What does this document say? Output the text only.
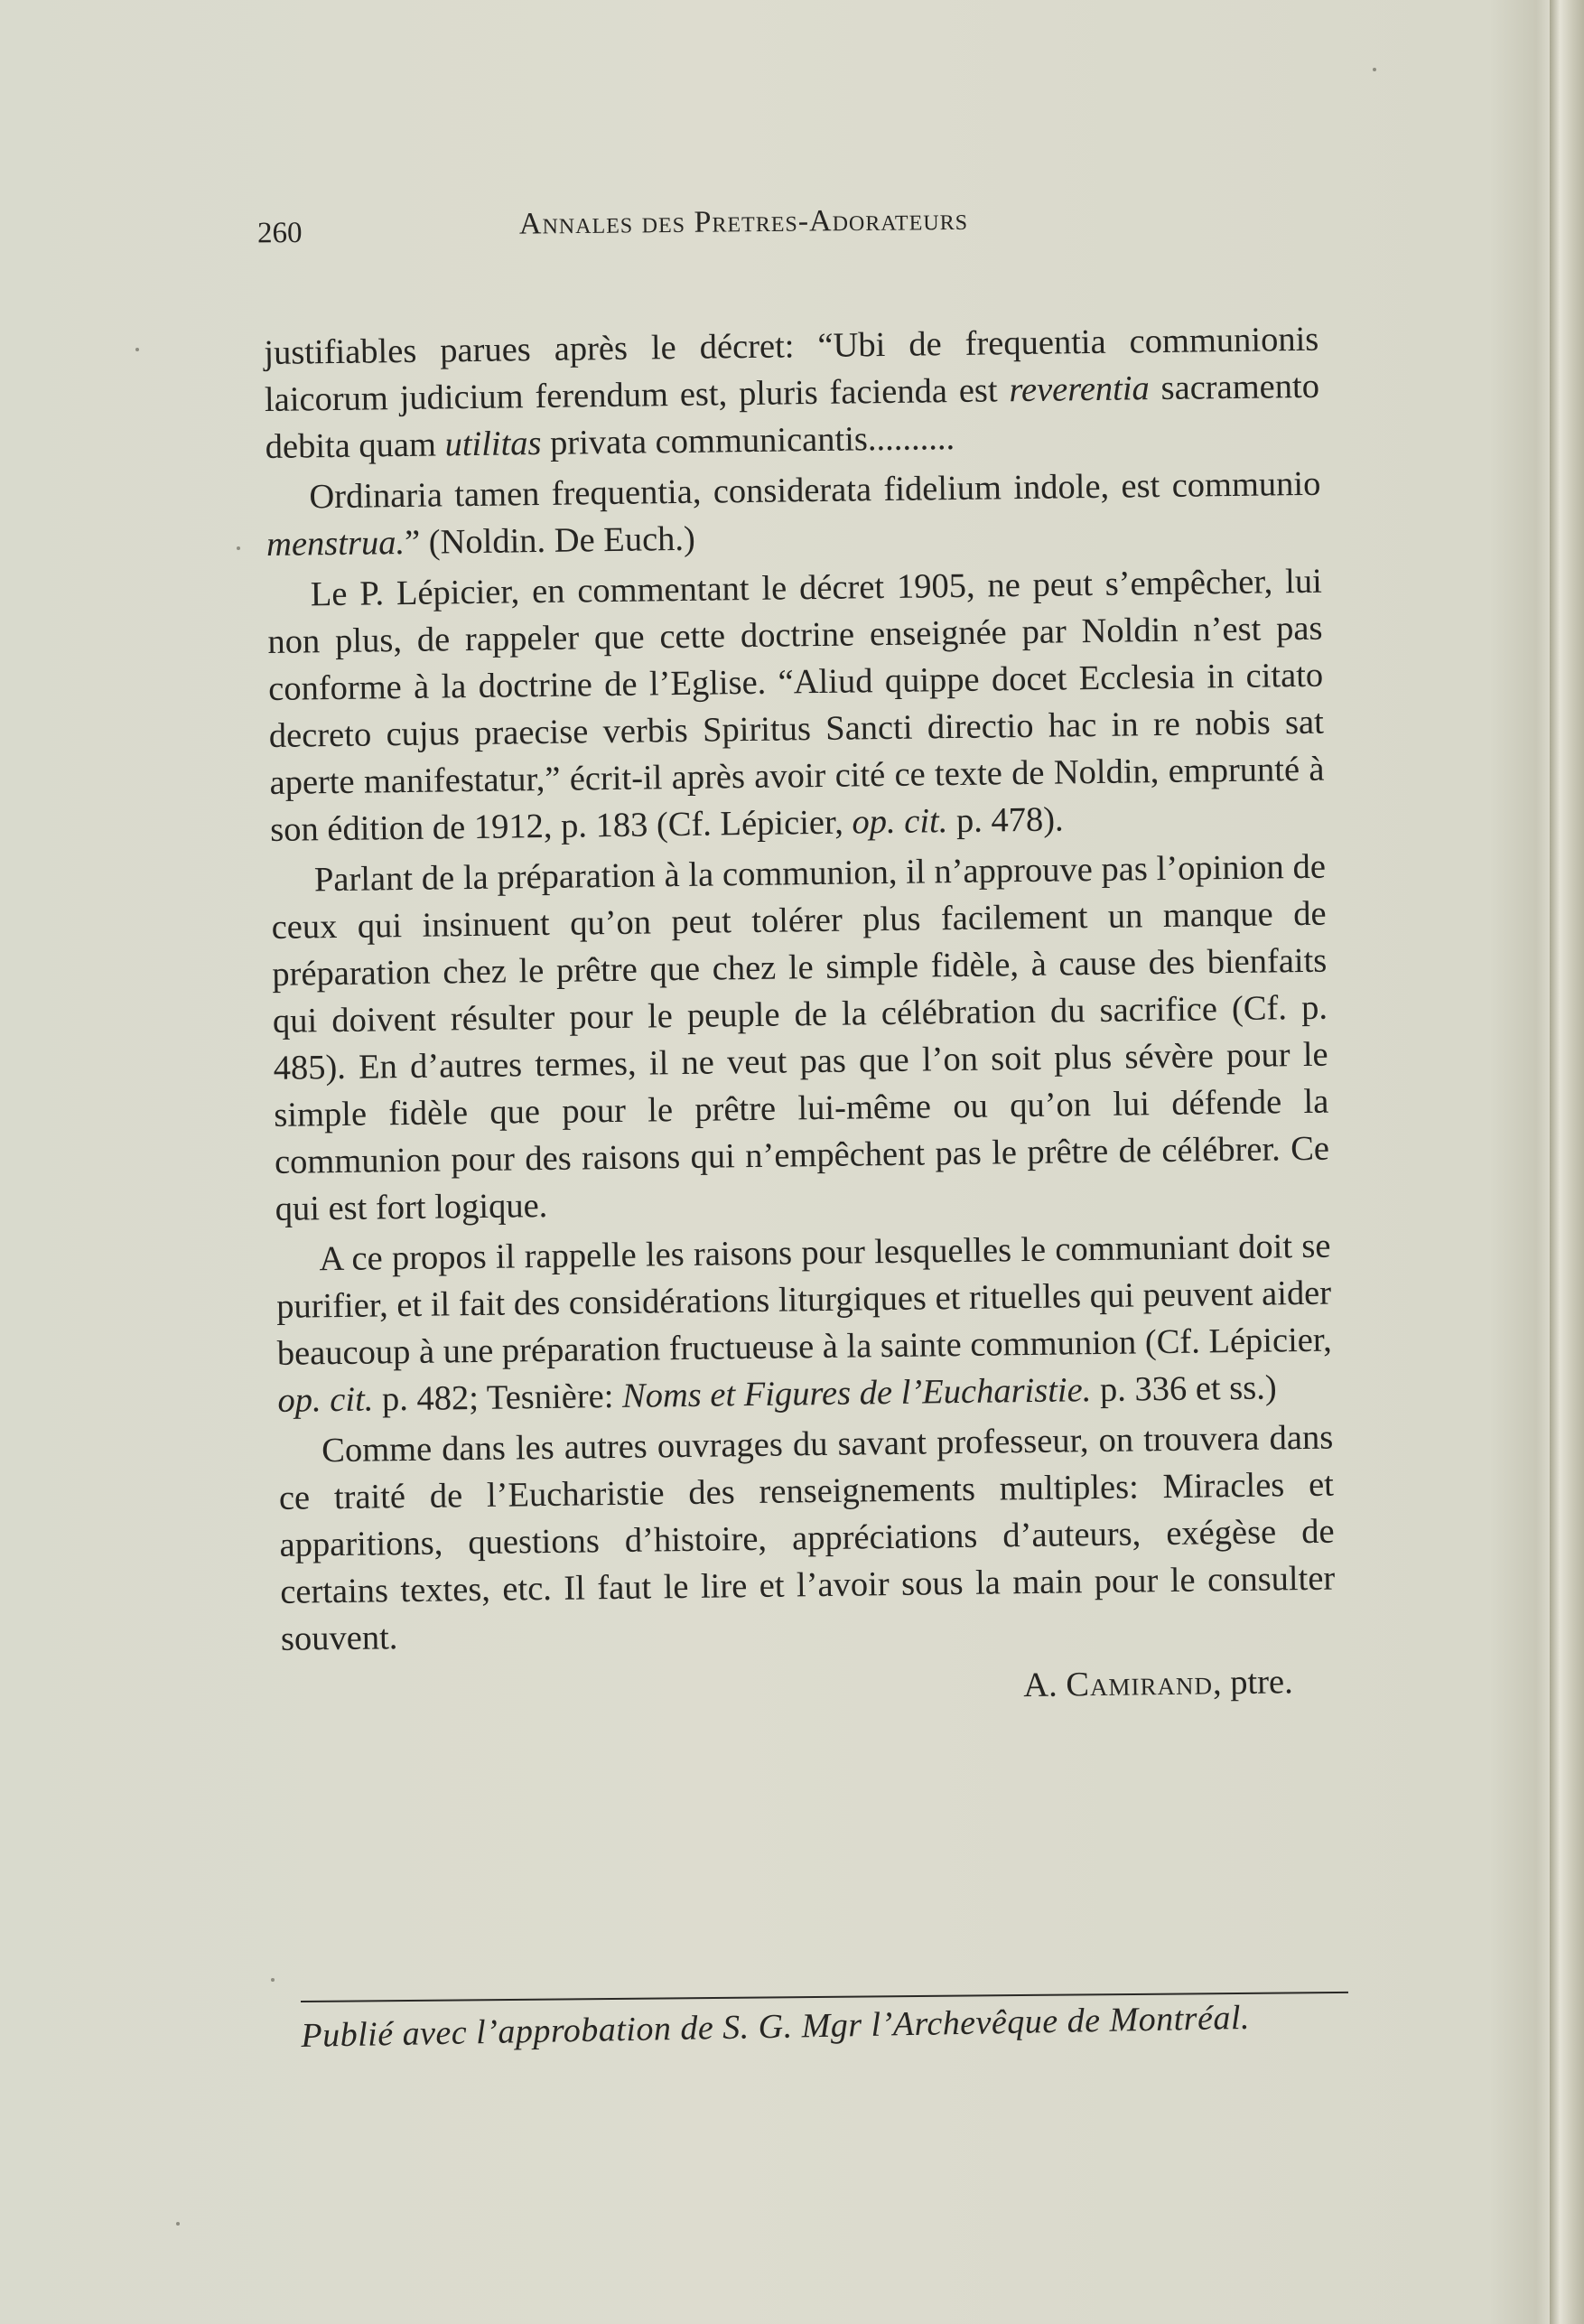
260	Annales des Pretres-Adorateurs

justifiables parues après le décret: “Ubi de frequentia communionis laicorum judicium ferendum est, pluris facienda est reverentia sacramento debita quam utilitas privata communicantis..........

Ordinaria tamen frequentia, considerata fidelium indole, est communio menstrua.” (Noldin. De Euch.)

Le P. Lépicier, en commentant le décret 1905, ne peut s’empêcher, lui non plus, de rappeler que cette doctrine enseignée par Noldin n’est pas conforme à la doctrine de l’Eglise. “Aliud quippe docet Ecclesia in citato decreto cujus praecise verbis Spiritus Sancti directio hac in re nobis sat aperte manifestatur,” écrit-il après avoir cité ce texte de Noldin, emprunté à son édition de 1912, p. 183 (Cf. Lépicier, op. cit. p. 478).

Parlant de la préparation à la communion, il n’approuve pas l’opinion de ceux qui insinuent qu’on peut tolérer plus facilement un manque de préparation chez le prêtre que chez le simple fidèle, à cause des bienfaits qui doivent résulter pour le peuple de la célébration du sacrifice (Cf. p. 485). En d’autres termes, il ne veut pas que l’on soit plus sévère pour le simple fidèle que pour le prêtre lui-même ou qu’on lui défende la communion pour des raisons qui n’empêchent pas le prêtre de célébrer. Ce qui est fort logique.

A ce propos il rappelle les raisons pour lesquelles le communiant doit se purifier, et il fait des considérations liturgiques et rituelles qui peuvent aider beaucoup à une préparation fructueuse à la sainte communion (Cf. Lépicier, op. cit. p. 482; Tesnière: Noms et Figures de l’Eucharistie. p. 336 et ss.)

Comme dans les autres ouvrages du savant professeur, on trouvera dans ce traité de l’Eucharistie des renseignements multiples: Miracles et apparitions, questions d’histoire, appréciations d’auteurs, exégèse de certains textes, etc. Il faut le lire et l’avoir sous la main pour le consulter souvent.

A. Camirand, ptre.

Publié avec l’approbation de S. G. Mgr l’Archevêque de Montréal.
